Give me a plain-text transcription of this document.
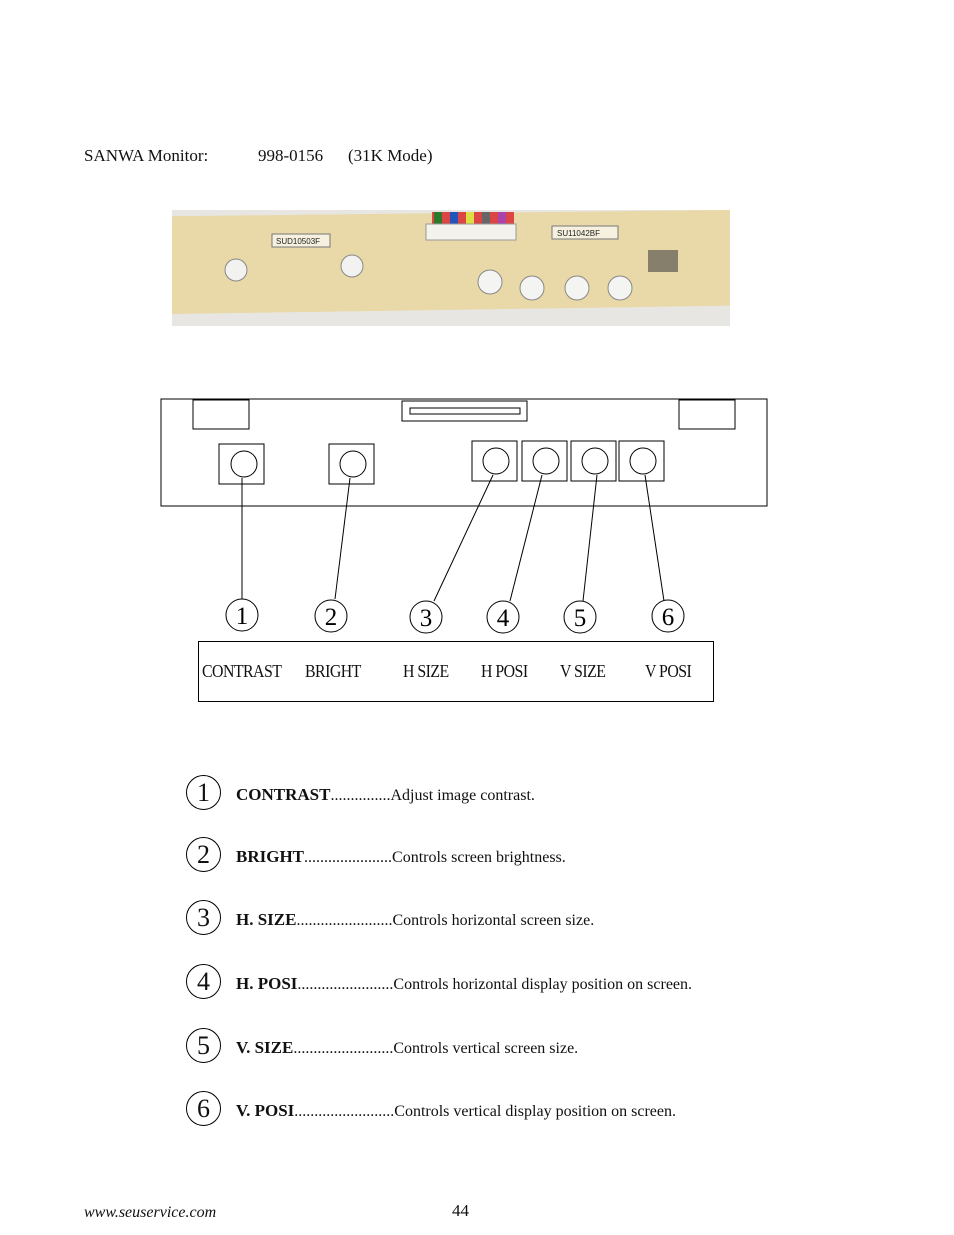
SANWA Monitor:	998-0156 (31K Mode)
SUD10503F
SU11042BF
1	2	3	4	5	6
CONTRAST BRIGHT H SIZE H POSI V SIZE V POSI
1	CONTRAST...............Adjust image contrast.
2	BRIGHT......................Controls screen brightness.
3	H. SIZE........................Controls horizontal screen size.
4	H. POSI........................Controls horizontal display position on screen.
5	V. SIZE.........................Controls vertical screen size.
6	V. POSI.........................Controls vertical display position on screen.
www.seuservice.com	44
